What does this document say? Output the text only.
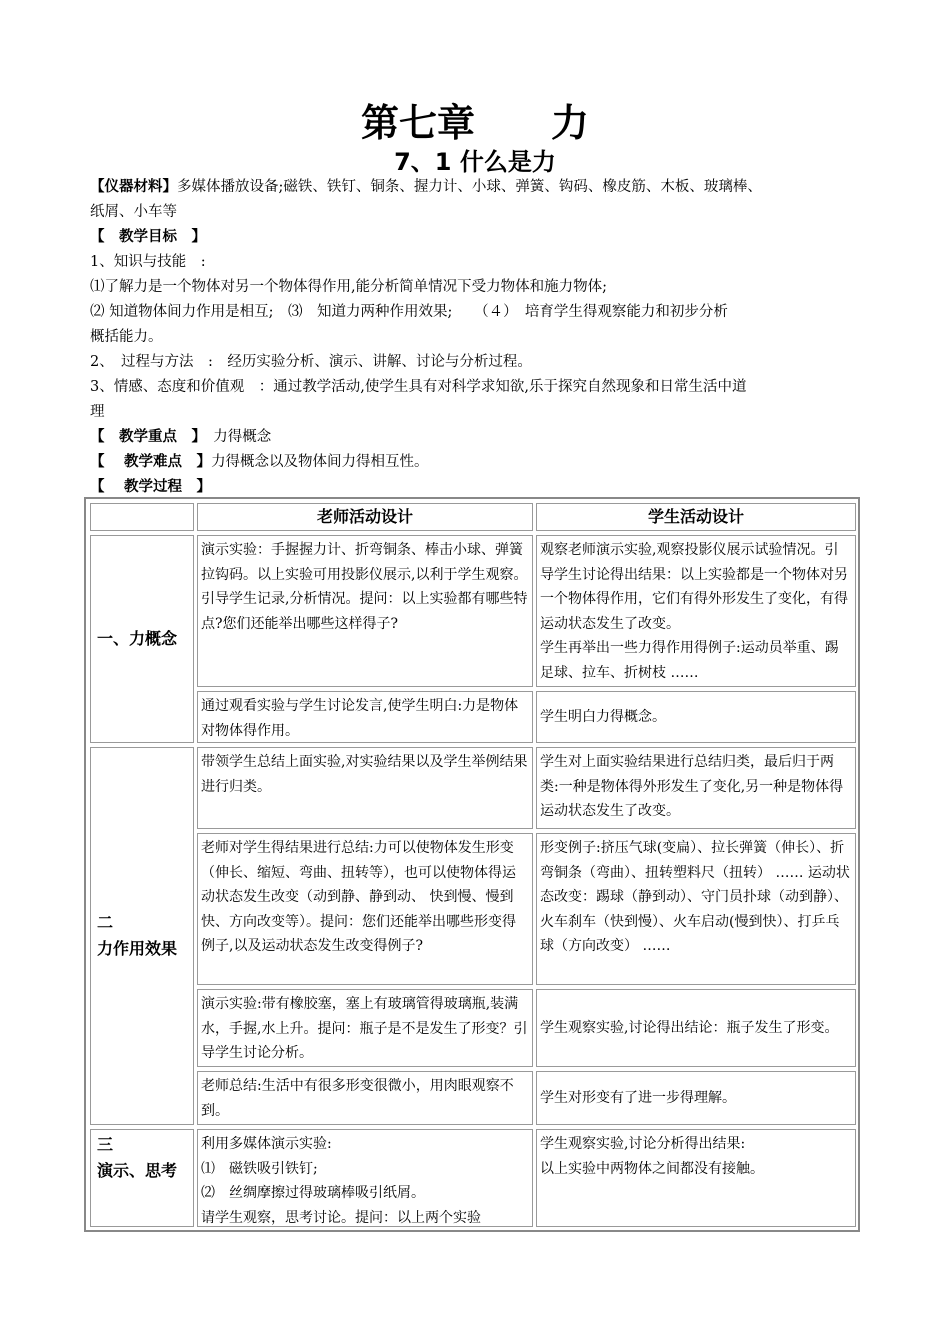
第七章　　力
7、1 什么是力
【仪器材料】多媒体播放设备;磁铁、铁钉、铜条、握力计、小球、弹簧、钩码、橡皮筋、木板、玻璃棒、
纸屑、小车等
【　教学目标　】
1、知识与技能　:
⑴了解力是一个物体对另一个物体得作用,能分析简单情况下受力物体和施力物体;
⑵ 知道物体间力作用是相互;　⑶　知道力两种作用效果;　　（４）　培育学生得观察能力和初步分析
概括能力。
2、　过程与方法　:　经历实验分析、演示、讲解、讨论与分析过程。
3、情感、态度和价值观　：通过教学活动,使学生具有对科学求知欲,乐于探究自然现象和日常生活中道
理
【　教学重点　】　力得概念
【　 教学难点　】力得概念以及物体间力得相互性。
【　 教学过程　】
老师活动设计	学生活动设计
一、力概念
演示实验：手握握力计、折弯铜条、棒击小球、弹簧拉钩码。以上实验可用投影仪展示,以利于学生观察。
引导学生记录,分析情况。提问：以上实验都有哪些特点?您们还能举出哪些这样得子?
观察老师演示实验,观察投影仪展示试验情况。引导学生讨论得出结果：以上实验都是一个物体对另一个物体得作用，它们有得外形发生了变化，有得运动状态发生了改变。
学生再举出一些力得作用得例子:运动员举重、踢足球、拉车、折树枝 ……
通过观看实验与学生讨论发言,使学生明白:力是物体对物体得作用。
学生明白力得概念。
二
力作用效果
带领学生总结上面实验,对实验结果以及学生举例结果进行归类。
学生对上面实验结果进行总结归类，最后归于两类:一种是物体得外形发生了变化,另一种是物体得运动状态发生了改变。
老师对学生得结果进行总结:力可以使物体发生形变（伸长、缩短、弯曲、扭转等），也可以使物体得运动状态发生改变（动到静、静到动、 快到慢、慢到快、方向改变等）。提问：您们还能举出哪些形变得例子,以及运动状态发生改变得例子?
形变例子:挤压气球(变扁）、拉长弹簧（伸长）、折弯铜条（弯曲）、扭转塑料尺（扭转） …… 运动状态改变：踢球（静到动）、守门员扑球（动到静）、火车刹车（快到慢）、火车启动(慢到快）、打乒乓球（方向改变） ……
演示实验:带有橡胶塞，塞上有玻璃管得玻璃瓶,装满水，手握,水上升。提问：瓶子是不是发生了形变？引导学生讨论分析。
学生观察实验,讨论得出结论：瓶子发生了形变。
老师总结:生活中有很多形变很微小，用肉眼观察不到。
学生对形变有了进一步得理解。
三
演示、思考
利用多媒体演示实验:
⑴　磁铁吸引铁钉;
⑵　丝绸摩擦过得玻璃棒吸引纸屑。
请学生观察，思考讨论。提问：以上两个实验
学生观察实验,讨论分析得出结果:
以上实验中两物体之间都没有接触。
